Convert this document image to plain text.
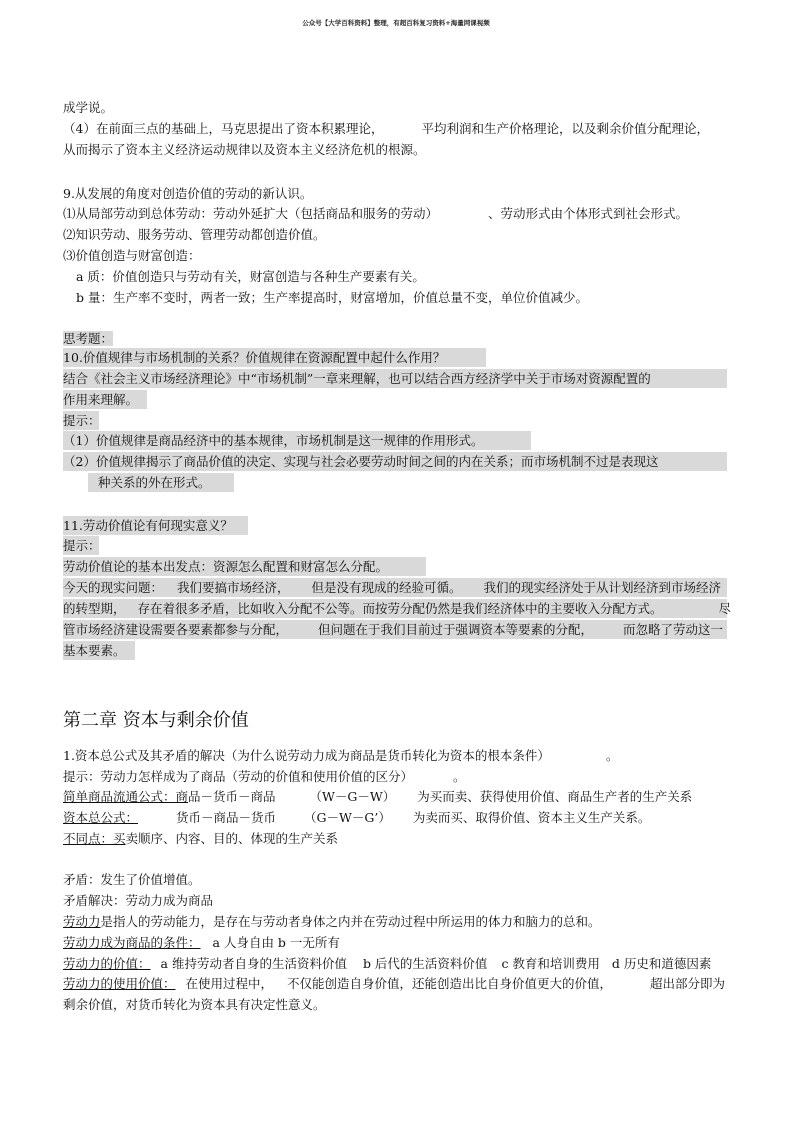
公众号【大学百科资料】整理，有超百科复习资料+海量网课视频
成学说。
（4）在前面三点的基础上，马克思提出了资本积累理论，	平均利润和生产价格理论，以及剩余价值分配理论，
从而揭示了资本主义经济运动规律以及资本主义经济危机的根源。
9.从发展的角度对创造价值的劳动的新认识。
⑴从局部劳动到总体劳动：劳动外延扩大（包括商品和服务的劳动）	、劳动形式由个体形式到社会形式。
⑵知识劳动、服务劳动、管理劳动都创造价值。
⑶价值创造与财富创造：
a 质：价值创造只与劳动有关，财富创造与各种生产要素有关。
b 量：生产率不变时，两者一致；生产率提高时，财富增加，价值总量不变，单位价值减少。
思考题：
10.价值规律与市场机制的关系？价值规律在资源配置中起什么作用？
结合《社会主义市场经济理论》中“市场机制”一章来理解，也可以结合西方经济学中关于市场对资源配置的
作用来理解。
提示：
（1）价值规律是商品经济中的基本规律，市场机制是这一规律的作用形式。
（2）价值规律揭示了商品价值的决定、实现与社会必要劳动时间之间的内在关系；而市场机制不过是表现这
种关系的外在形式。
11.劳动价值论有何现实意义？
提示：
劳动价值论的基本出发点：资源怎么配置和财富怎么分配。
今天的现实问题： 我们要搞市场经济， 但是没有现成的经验可循。 我们的现实经济处于从计划经济到市场经济
的转型期， 存在着很多矛盾，比如收入分配不公等。而按劳分配仍然是我们经济体中的主要收入分配方式。	尽
管市场经济建设需要各要素都参与分配， 但问题在于我们目前过于强调资本等要素的分配， 而忽略了劳动这一
基本要素。
第二章 资本与剩余价值
1.资本总公式及其矛盾的解决（为什么说劳动力成为商品是货币转化为资本的根本条件）	。
提示：劳动力怎样成为了商品（劳动的价值和使用价值的区分）	。
简单商品流通公式：商品－货币－商品	（W－G－W） 为买而卖、获得使用价值、商品生产者的生产关系
资本总公式：	货币－商品－货币 （G－W－G’） 为卖而买、取得价值、资本主义生产关系。
不同点：买卖顺序、内容、目的、体现的生产关系
矛盾：发生了价值增值。
矛盾解决：劳动力成为商品
劳动力是指人的劳动能力，是存在与劳动者身体之内并在劳动过程中所运用的体力和脑力的总和。
劳动力成为商品的条件： a 人身自由 b 一无所有
劳动力的价值： a 维持劳动者自身的生活资料价值 b 后代的生活资料价值 c 教育和培训费用 d 历史和道德因素
劳动力的使用价值： 在使用过程中， 不仅能创造自身价值，还能创造出比自身价值更大的价值，	超出部分即为
剩余价值，对货币转化为资本具有决定性意义。
